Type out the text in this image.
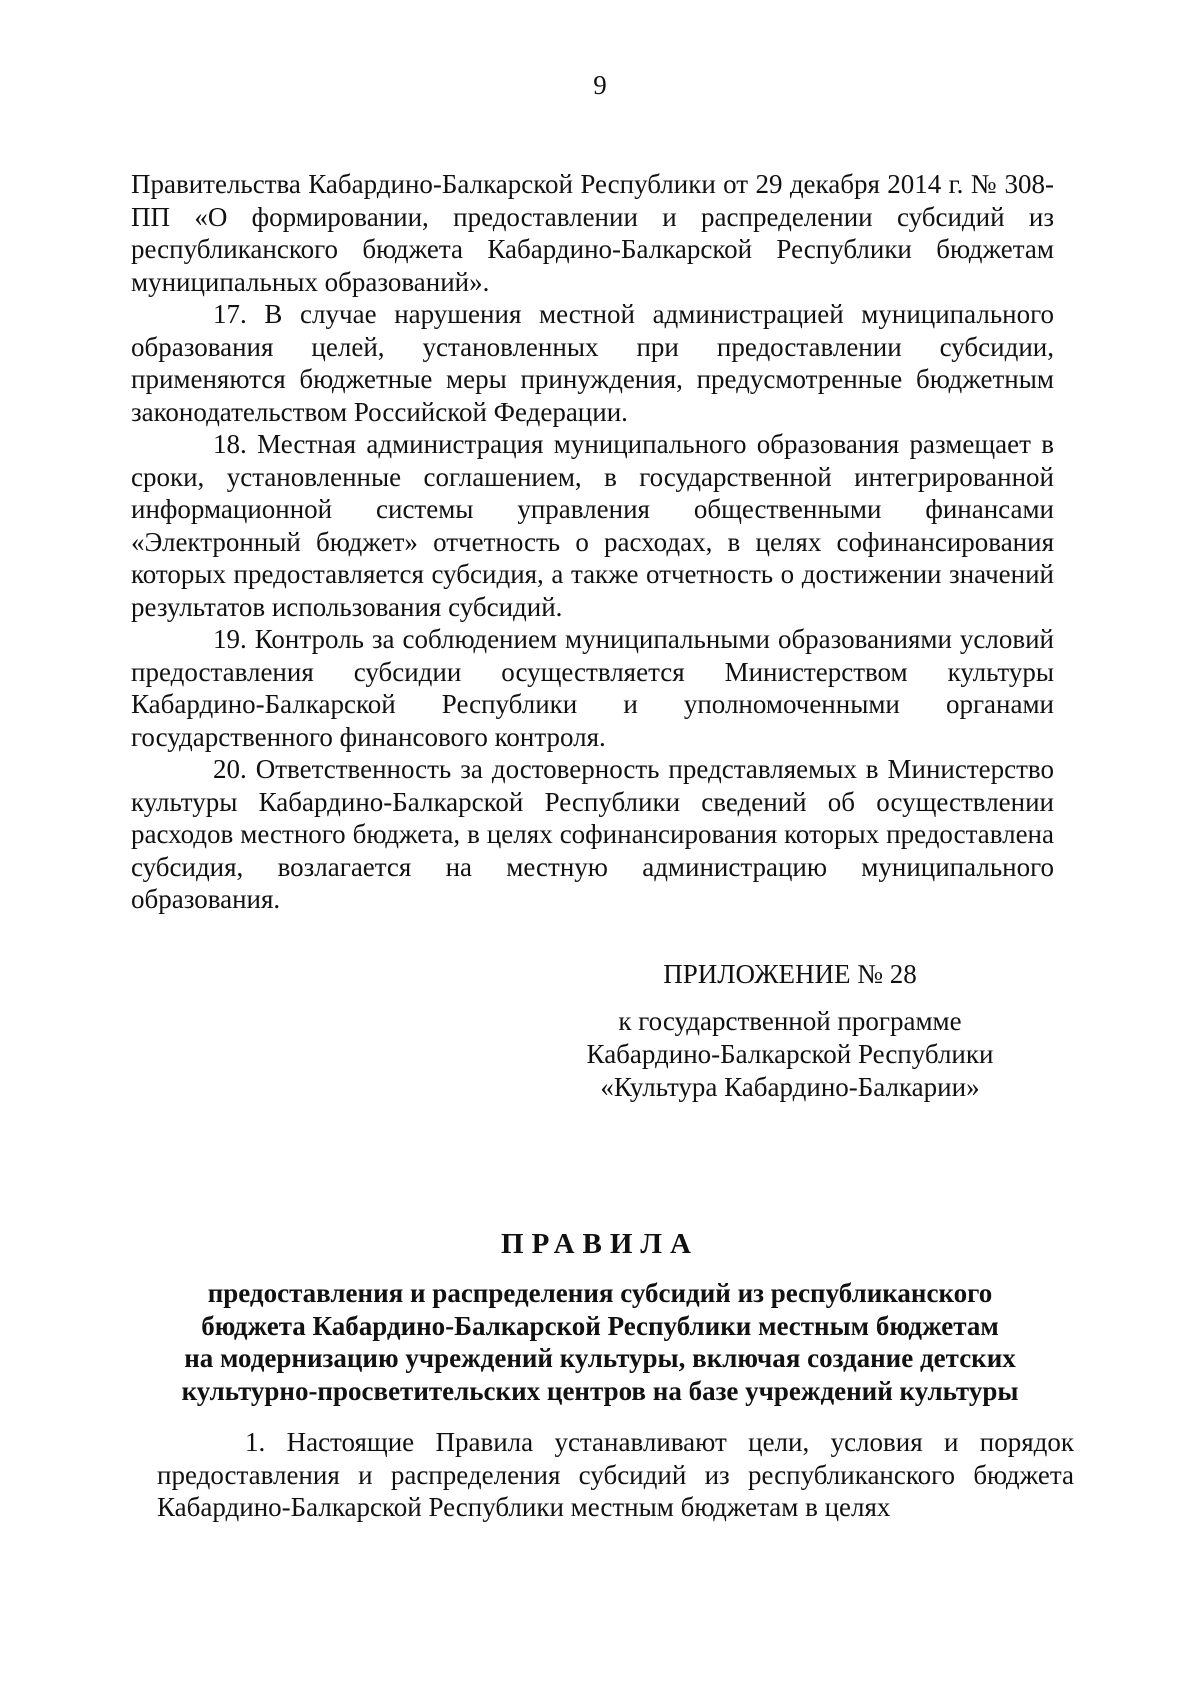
9

Правительства Кабардино-Балкарской Республики от 29 декабря 2014 г. № 308-ПП «О формировании, предоставлении и распределении субсидий из республиканского бюджета Кабардино-Балкарской Республики бюджетам муниципальных образований».

17. В случае нарушения местной администрацией муниципального образования целей, установленных при предоставлении субсидии, применяются бюджетные меры принуждения, предусмотренные бюджетным законодательством Российской Федерации.

18. Местная администрация муниципального образования размещает в сроки, установленные соглашением, в государственной интегрированной информационной системы управления общественными финансами «Электронный бюджет» отчетность о расходах, в целях софинансирования которых предоставляется субсидия, а также отчетность о достижении значений результатов использования субсидий.

19. Контроль за соблюдением муниципальными образованиями условий предоставления субсидии осуществляется Министерством культуры Кабардино-Балкарской Республики и уполномоченными органами государственного финансового контроля.

20. Ответственность за достоверность представляемых в Министерство культуры Кабардино-Балкарской Республики сведений об осуществлении расходов местного бюджета, в целях софинансирования которых предоставлена субсидия, возлагается на местную администрацию муниципального образования.

ПРИЛОЖЕНИЕ № 28
к государственной программе
Кабардино-Балкарской Республики
«Культура Кабардино-Балкарии»
ПРАВИЛА
предоставления и распределения субсидий из республиканского
бюджета Кабардино-Балкарской Республики местным бюджетам
на модернизацию учреждений культуры, включая создание детских
культурно-просветительских центров на базе учреждений культуры

1. Настоящие Правила устанавливают цели, условия и порядок предоставления и распределения субсидий из республиканского бюджета Кабардино-Балкарской Республики местным бюджетам в целях
